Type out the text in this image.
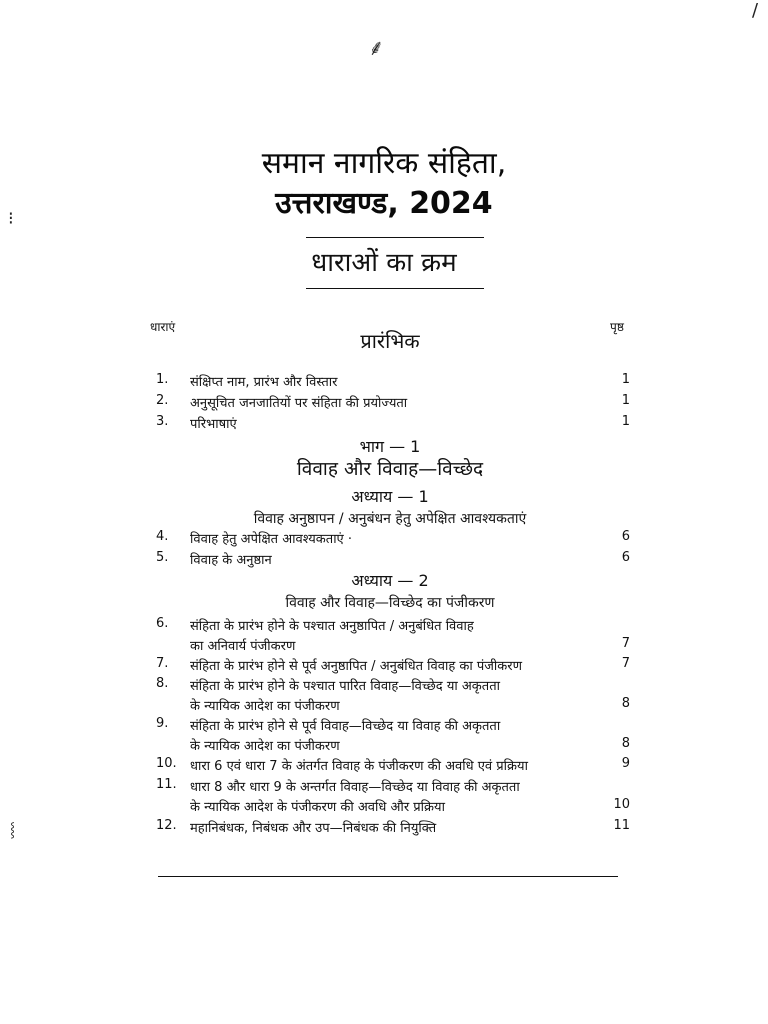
⸙
/
⁝
⸾
समान नागरिक संहिता,
उत्तराखण्ड, 2024
धाराओं का क्रम
धाराएं	पृष्ठ
प्रारंभिक
1. संक्षिप्त नाम, प्रारंभ और विस्तार	1
2. अनुसूचित जनजातियों पर संहिता की प्रयोज्यता	1
3. परिभाषाएं	1
भाग — 1
विवाह और विवाह—विच्छेद
अध्याय — 1
विवाह अनुष्ठापन / अनुबंधन हेतु अपेक्षित आवश्यकताएं
4. विवाह हेतु अपेक्षित आवश्यकताएं ·	6
5. विवाह के अनुष्ठान	6
अध्याय — 2
विवाह और विवाह—विच्छेद का पंजीकरण
6. संहिता के प्रारंभ होने के पश्चात अनुष्ठापित / अनुबंधित विवाह
का अनिवार्य पंजीकरण	7
7. संहिता के प्रारंभ होने से पूर्व अनुष्ठापित / अनुबंधित विवाह का पंजीकरण	7
8. संहिता के प्रारंभ होने के पश्चात पारित विवाह—विच्छेद या अकृतता
के न्यायिक आदेश का पंजीकरण	8
9. संहिता के प्रारंभ होने से पूर्व विवाह—विच्छेद या विवाह की अकृतता
के न्यायिक आदेश का पंजीकरण	8
10. धारा 6 एवं धारा 7 के अंतर्गत विवाह के पंजीकरण की अवधि एवं प्रक्रिया	9
11. धारा 8 और धारा 9 के अन्तर्गत विवाह—विच्छेद या विवाह की अकृतता
के न्यायिक आदेश के पंजीकरण की अवधि और प्रक्रिया	10
12. महानिबंधक, निबंधक और उप—निबंधक की नियुक्ति	11
